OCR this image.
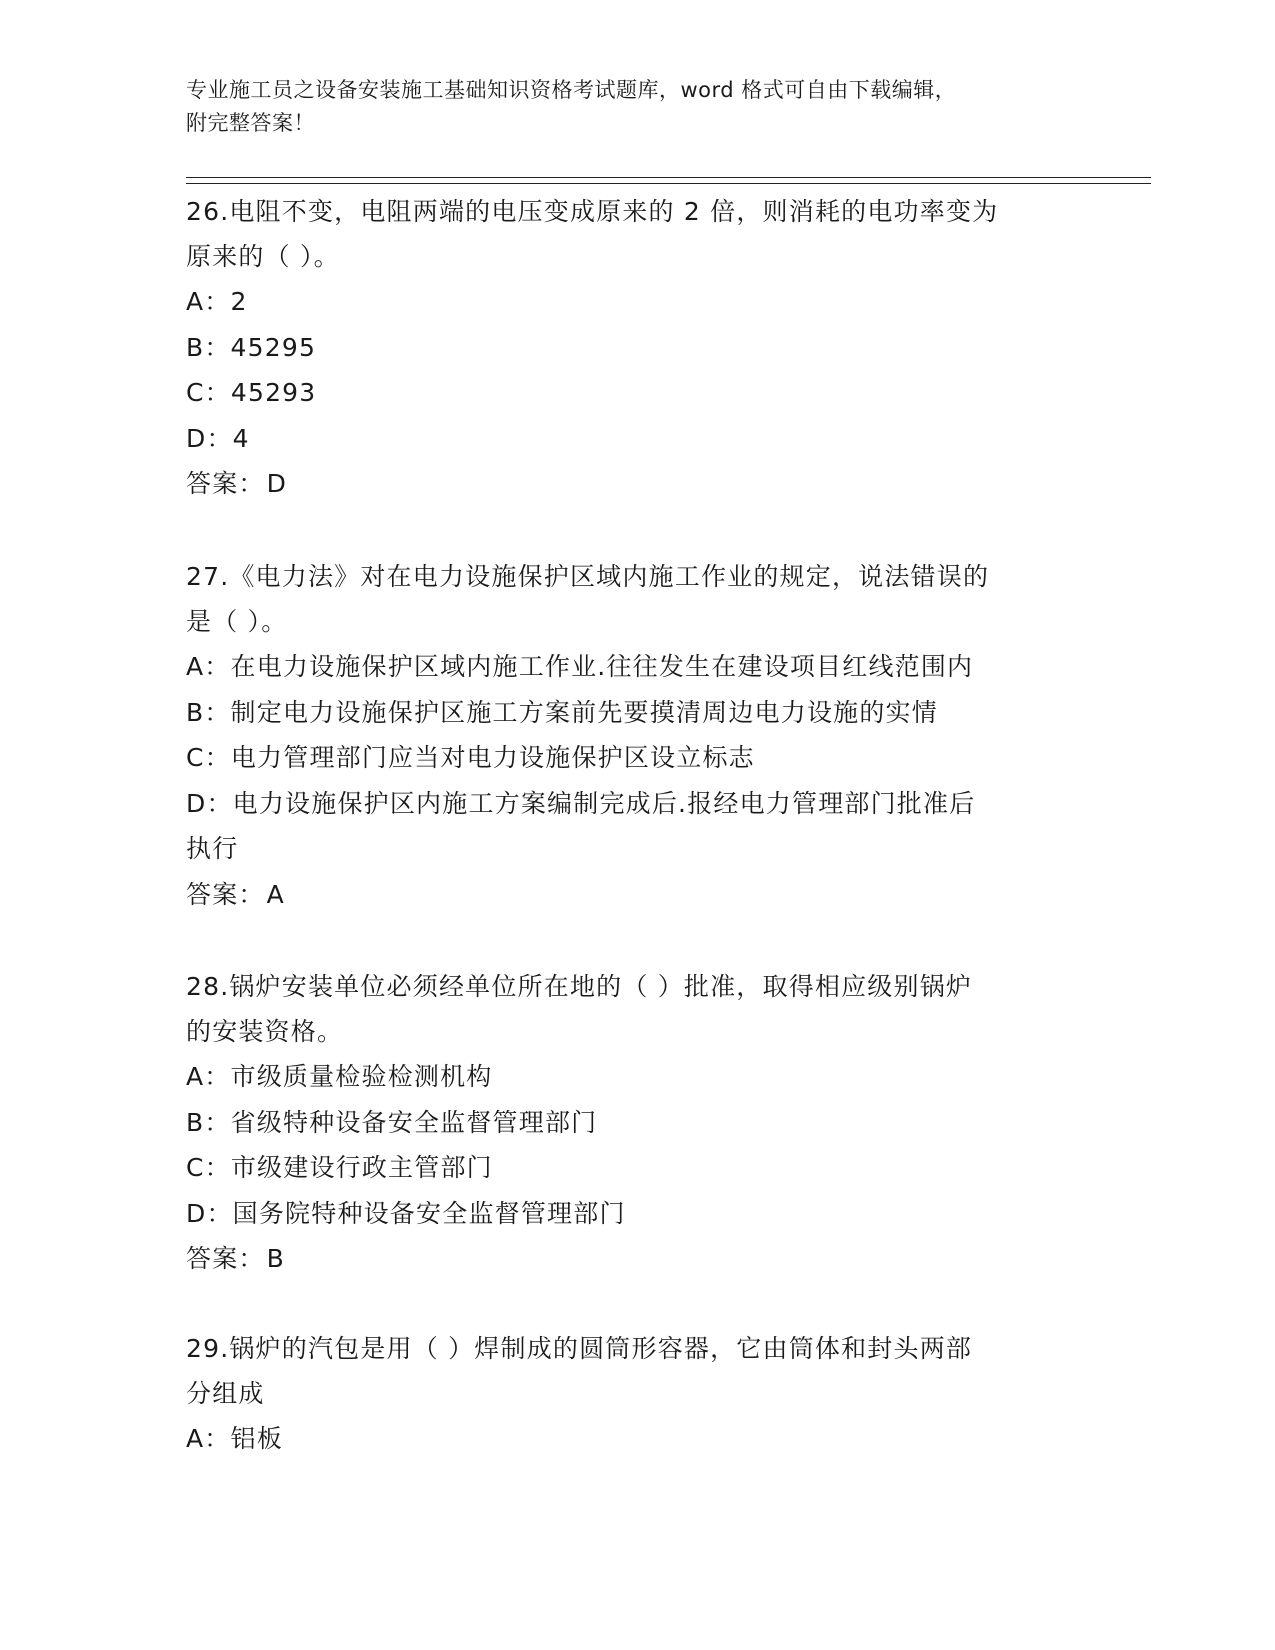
专业施工员之设备安装施工基础知识资格考试题库，word 格式可自由下载编辑，
附完整答案！

26.电阻不变，电阻两端的电压变成原来的 2 倍，则消耗的电功率变为

原来的（ ）。

A：2

B：45295

C：45293

D：4

答案：D

27.《电力法》对在电力设施保护区域内施工作业的规定，说法错误的

是（ ）。

A：在电力设施保护区域内施工作业.往往发生在建设项目红线范围内

B：制定电力设施保护区施工方案前先要摸清周边电力设施的实情

C：电力管理部门应当对电力设施保护区设立标志

D：电力设施保护区内施工方案编制完成后.报经电力管理部门批准后

执行

答案：A

28.锅炉安装单位必须经单位所在地的（ ）批准，取得相应级别锅炉

的安装资格。

A：市级质量检验检测机构

B：省级特种设备安全监督管理部门

C：市级建设行政主管部门

D：国务院特种设备安全监督管理部门

答案：B

29.锅炉的汽包是用（ ）焊制成的圆筒形容器，它由筒体和封头两部

分组成

A：铝板
